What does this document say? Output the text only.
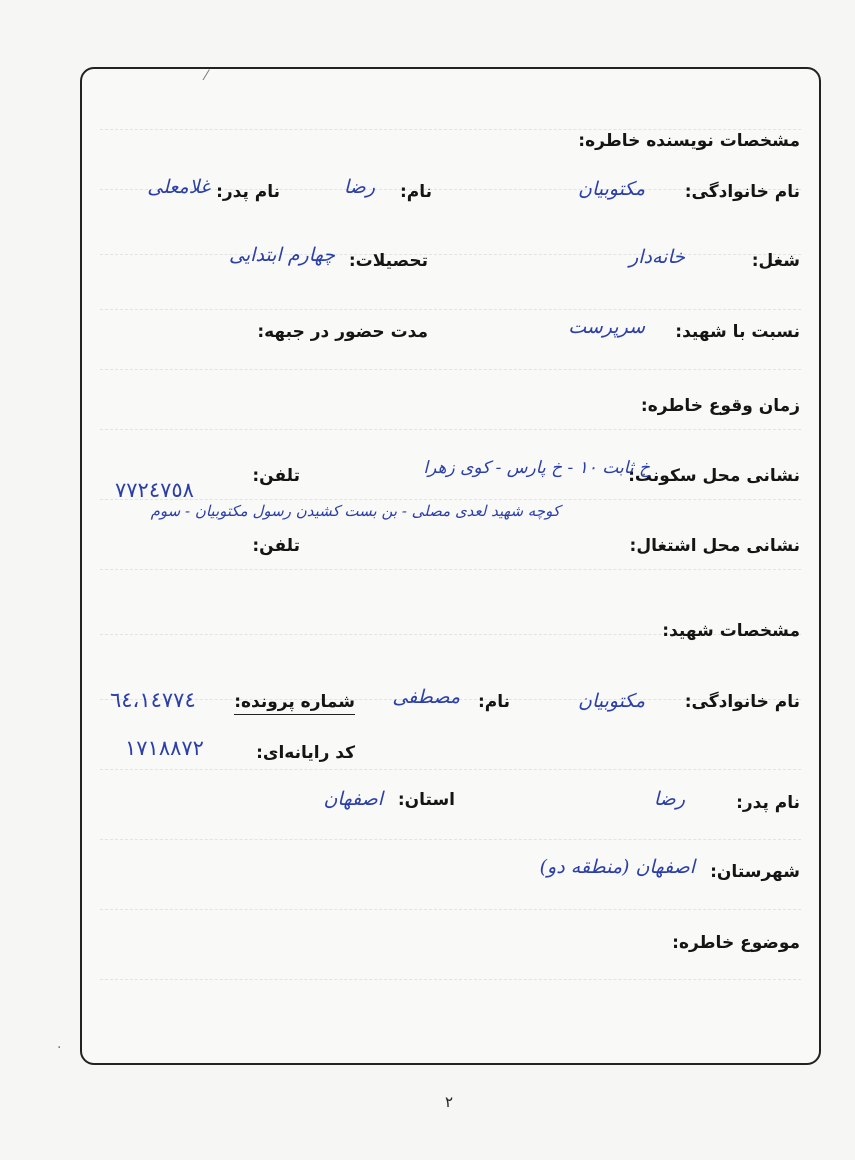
مشخصات نویسنده خاطره:
نام خانوادگی:
مکتوبیان
نام:
رضا
نام پدر:
غلامعلی
شغل:
خانه‌دار
تحصیلات:
چهارم ابتدایی
نسبت با شهید:
سرپرست
مدت حضور در جبهه:
زمان وقوع خاطره:
نشانی محل سکونت:
خ ثابت ۱۰ - خ پارس - کوی زهرا
تلفن:
٧٧٢٤٧٥٨
کوچه شهید لعدی مصلی - بن بست کشیدن رسول مکتوبیان - سوم
نشانی محل اشتغال:
تلفن:
مشخصات شهید:
نام خانوادگی:
مکتوبیان
نام:
مصطفی
شماره پرونده:
٦٤،١٤٧٧٤
کد رایانه‌ای:
١٧١٨٨٧٢
نام پدر:
رضا
استان:
اصفهان
شهرستان:
اصفهان (منطقه دو)
موضوع خاطره:
٢
·
⁄
